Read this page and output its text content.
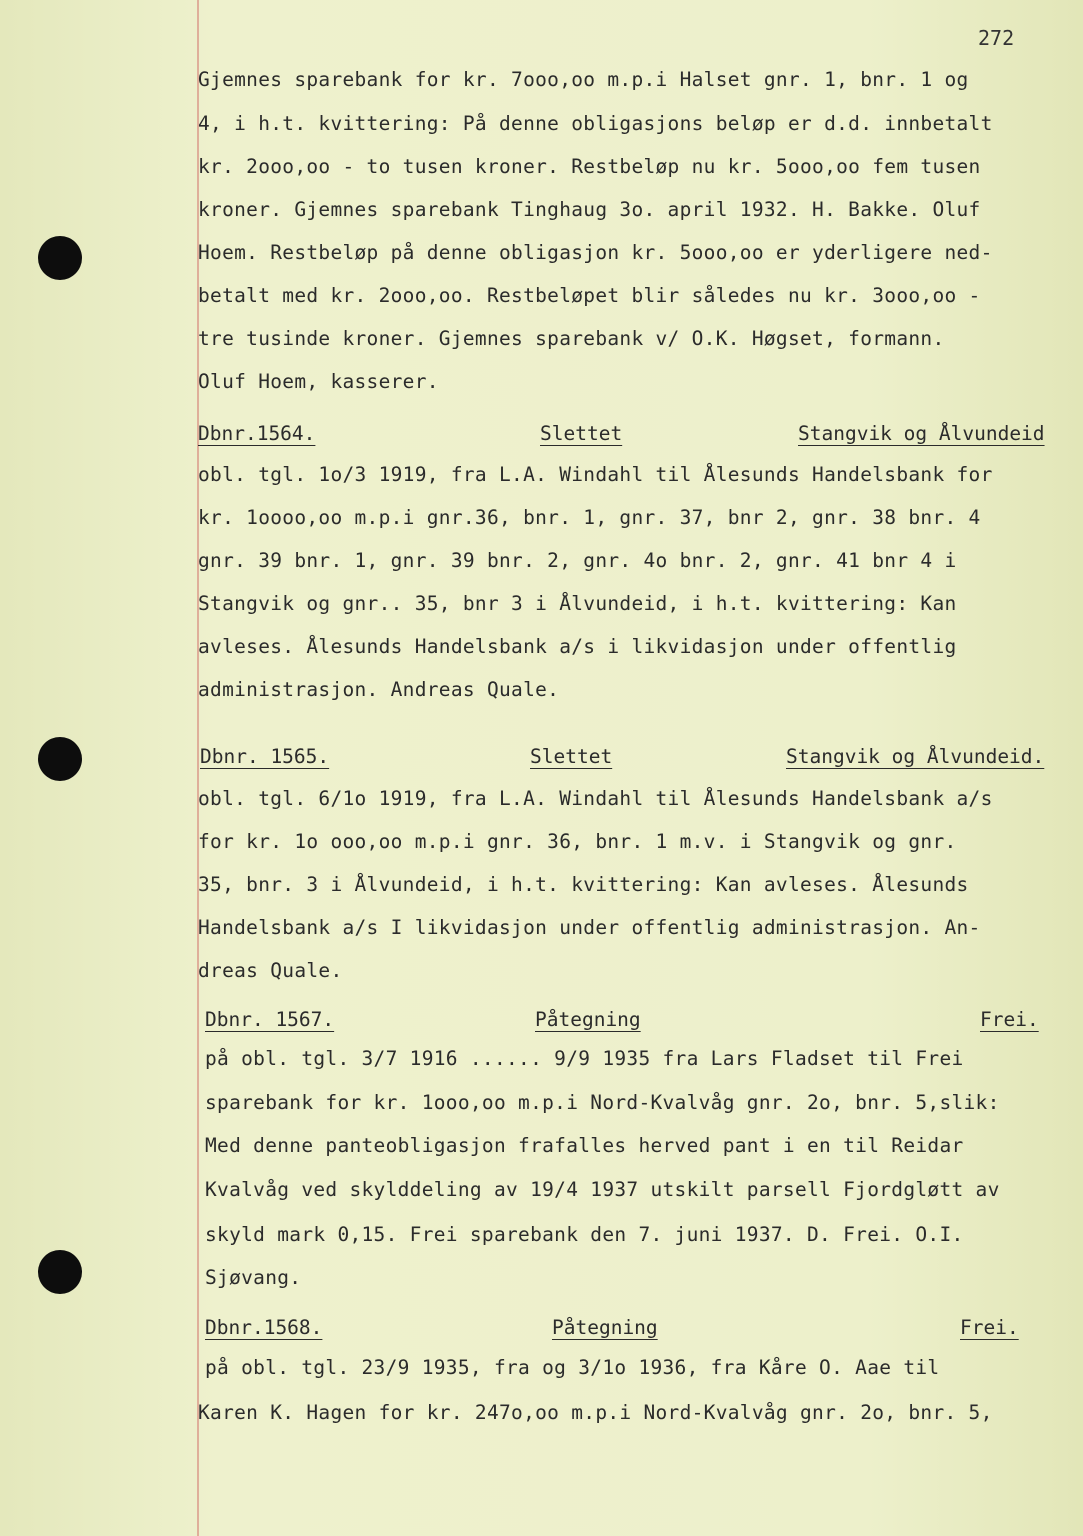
272
Gjemnes sparebank for kr. 7ooo,oo m.p.i Halset gnr. 1, bnr. 1 og
4, i h.t. kvittering: På denne obligasjons beløp er d.d. innbetalt
kr. 2ooo,oo - to tusen kroner. Restbeløp nu kr. 5ooo,oo fem tusen
kroner. Gjemnes sparebank Tinghaug 3o. april 1932. H. Bakke. Oluf
Hoem. Restbeløp på denne obligasjon kr. 5ooo,oo er yderligere ned-
betalt med kr. 2ooo,oo. Restbeløpet blir således nu kr. 3ooo,oo -
tre tusinde kroner. Gjemnes sparebank v/ O.K. Høgset, formann.
Oluf Hoem, kasserer.
Dbnr.1564.	Slettet	Stangvik og Ålvundeid
obl. tgl. 1o/3 1919, fra L.A. Windahl til Ålesunds Handelsbank for
kr. 1oooo,oo m.p.i gnr.36, bnr. 1, gnr. 37, bnr 2, gnr. 38 bnr. 4
gnr. 39 bnr. 1, gnr. 39 bnr. 2, gnr. 4o bnr. 2, gnr. 41 bnr 4 i
Stangvik og gnr.. 35, bnr 3 i Ålvundeid, i h.t. kvittering: Kan
avleses. Ålesunds Handelsbank a/s i likvidasjon under offentlig
administrasjon. Andreas Quale.
Dbnr. 1565.	Slettet	Stangvik og Ålvundeid.
obl. tgl. 6/1o 1919, fra L.A. Windahl til Ålesunds Handelsbank a/s
for kr. 1o ooo,oo m.p.i gnr. 36, bnr. 1 m.v. i Stangvik og gnr.
35, bnr. 3 i Ålvundeid, i h.t. kvittering: Kan avleses. Ålesunds
Handelsbank a/s I likvidasjon under offentlig administrasjon. An-
dreas Quale.
Dbnr. 1567.	Påtegning	Frei.
på obl. tgl. 3/7 1916 ...... 9/9 1935 fra Lars Fladset til Frei
sparebank for kr. 1ooo,oo m.p.i Nord-Kvalvåg gnr. 2o, bnr. 5,slik:
Med denne panteobligasjon frafalles herved pant i en til Reidar
Kvalvåg ved skylddeling av 19/4 1937 utskilt parsell Fjordgløtt av
skyld mark 0,15. Frei sparebank den 7. juni 1937. D. Frei. O.I.
Sjøvang.
Dbnr.1568.	Påtegning	Frei.
på obl. tgl. 23/9 1935, fra og 3/1o 1936, fra Kåre O. Aae til
Karen K. Hagen for kr. 247o,oo m.p.i Nord-Kvalvåg gnr. 2o, bnr. 5,
